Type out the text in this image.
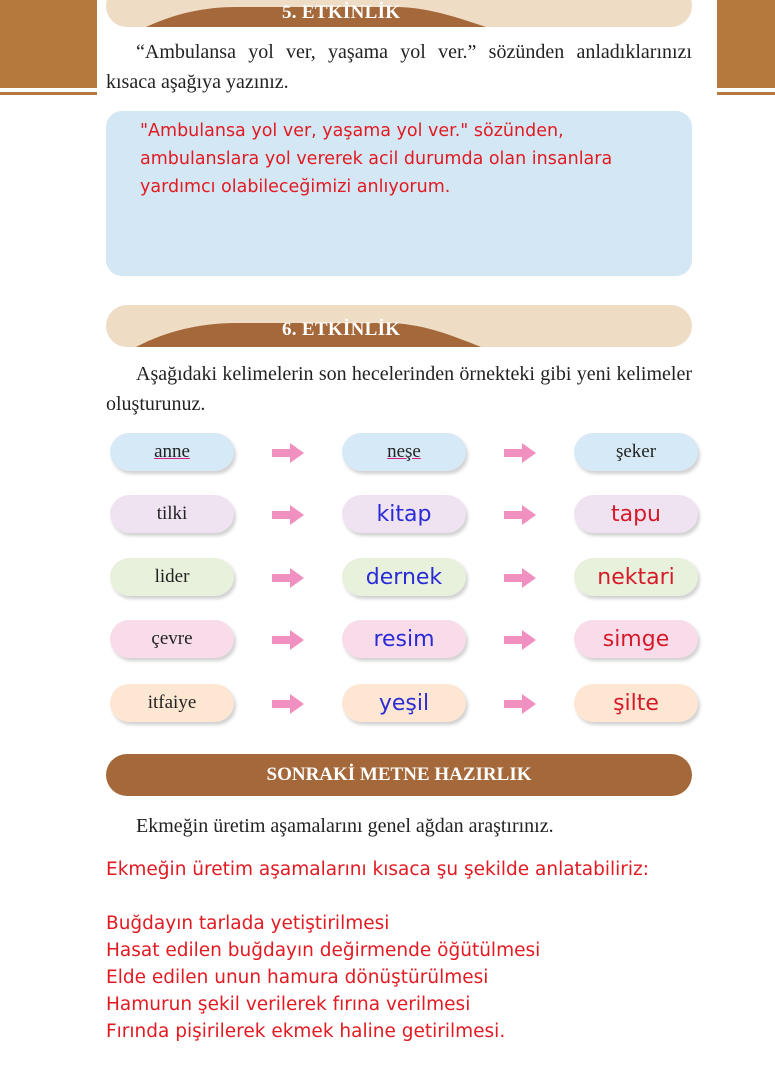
5. ETKİNLİK
“Ambulansa yol ver, yaşama yol ver.” sözünden anladıklarınızı kısaca aşağıya yazınız.
"Ambulansa yol ver, yaşama yol ver." sözünden, ambulanslara yol vererek acil durumda olan insanlara yardımcı olabileceğimizi anlıyorum.
6. ETKİNLİK
Aşağıdaki kelimelerin son hecelerinden örnekteki gibi yeni kelimeler oluşturunuz.
anne	neşe	şeker
tilki	kitap	tapu
lider	dernek	nektari
çevre	resim	simge
itfaiye	yeşil	şilte
SONRAKİ METNE HAZIRLIK
Ekmeğin üretim aşamalarını genel ağdan araştırınız.
Ekmeğin üretim aşamalarını kısaca şu şekilde anlatabiliriz:
Buğdayın tarlada yetiştirilmesi
Hasat edilen buğdayın değirmende öğütülmesi
Elde edilen unun hamura dönüştürülmesi
Hamurun şekil verilerek fırına verilmesi
Fırında pişirilerek ekmek haline getirilmesi.
